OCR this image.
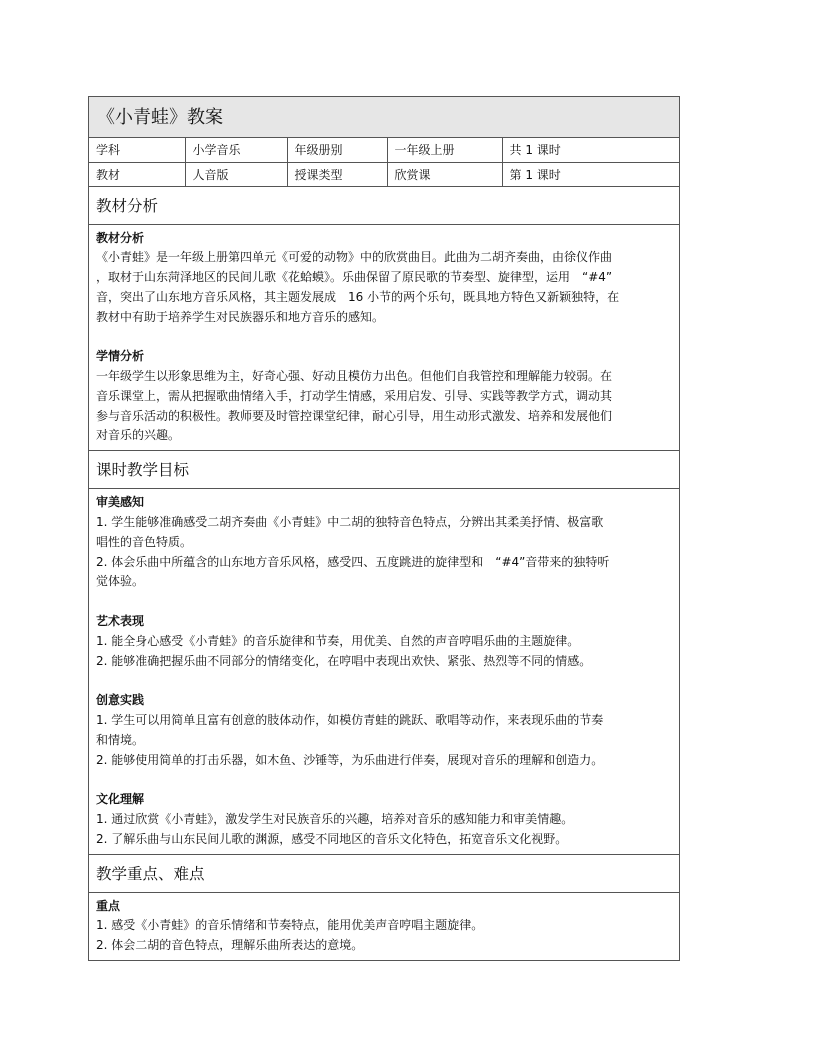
《小青蛙》教案
学科	小学音乐	年级册别	一年级上册	共 1 课时
教材	人音版	授课类型	欣赏课	第 1 课时
教材分析

教材分析

《小青蛙》是一年级上册第四单元《可爱的动物》中的欣赏曲目。此曲为二胡齐奏曲，由徐仪作曲

，取材于山东菏泽地区的民间儿歌《花蛤蟆》。乐曲保留了原民歌的节奏型、旋律型，运用　“#4”

音，突出了山东地方音乐风格，其主题发展成　16 小节的两个乐句，既具地方特色又新颖独特，在

教材中有助于培养学生对民族器乐和地方音乐的感知。

学情分析

一年级学生以形象思维为主，好奇心强、好动且模仿力出色。但他们自我管控和理解能力较弱。在

音乐课堂上，需从把握歌曲情绪入手，打动学生情感，采用启发、引导、实践等教学方式，调动其

参与音乐活动的积极性。教师要及时管控课堂纪律，耐心引导，用生动形式激发、培养和发展他们

对音乐的兴趣。

课时教学目标

审美感知

1. 学生能够准确感受二胡齐奏曲《小青蛙》中二胡的独特音色特点，分辨出其柔美抒情、极富歌

唱性的音色特质。

2. 体会乐曲中所蕴含的山东地方音乐风格，感受四、五度跳进的旋律型和　“#4”音带来的独特听

觉体验。

艺术表现

1. 能全身心感受《小青蛙》的音乐旋律和节奏，用优美、自然的声音哼唱乐曲的主题旋律。

2. 能够准确把握乐曲不同部分的情绪变化，在哼唱中表现出欢快、紧张、热烈等不同的情感。

创意实践

1. 学生可以用简单且富有创意的肢体动作，如模仿青蛙的跳跃、歌唱等动作，来表现乐曲的节奏

和情境。

2. 能够使用简单的打击乐器，如木鱼、沙锤等，为乐曲进行伴奏，展现对音乐的理解和创造力。

文化理解

1. 通过欣赏《小青蛙》，激发学生对民族音乐的兴趣，培养对音乐的感知能力和审美情趣。

2. 了解乐曲与山东民间儿歌的渊源，感受不同地区的音乐文化特色，拓宽音乐文化视野。

教学重点、难点

重点

1. 感受《小青蛙》的音乐情绪和节奏特点，能用优美声音哼唱主题旋律。

2. 体会二胡的音色特点，理解乐曲所表达的意境。
